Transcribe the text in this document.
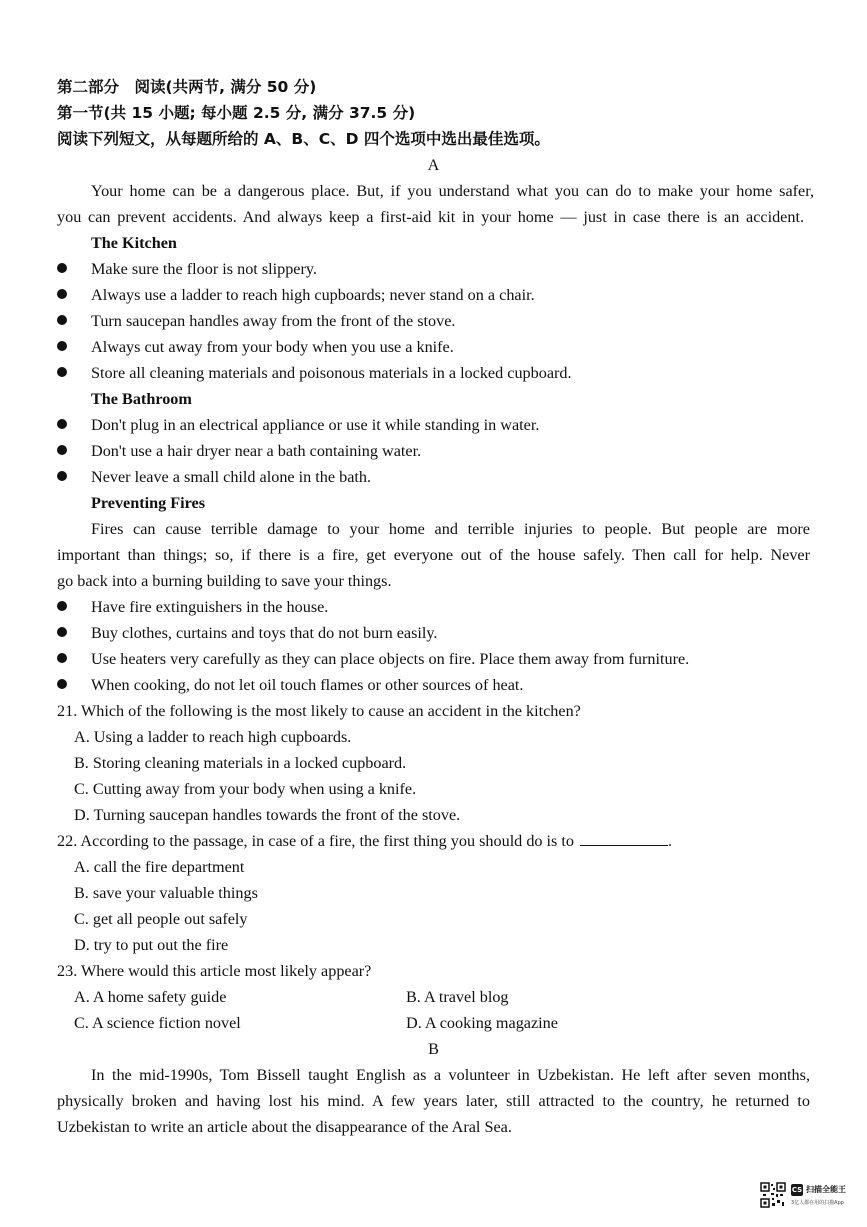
第二部分　阅读(共两节, 满分 50 分)
第一节(共 15 小题; 每小题 2.5 分, 满分 37.5 分)
阅读下列短文，从每题所给的 A、B、C、D 四个选项中选出最佳选项。
A
Your home can be a dangerous place. But, if you understand what you can do to make your home safer,
you can prevent accidents. And always keep a first-aid kit in your home — just in case there is an accident.
The Kitchen
Make sure the floor is not slippery.
Always use a ladder to reach high cupboards; never stand on a chair.
Turn saucepan handles away from the front of the stove.
Always cut away from your body when you use a knife.
Store all cleaning materials and poisonous materials in a locked cupboard.
The Bathroom
Don't plug in an electrical appliance or use it while standing in water.
Don't use a hair dryer near a bath containing water.
Never leave a small child alone in the bath.
Preventing Fires
Fires can cause terrible damage to your home and terrible injuries to people. But people are more
important than things; so, if there is a fire, get everyone out of the house safely. Then call for help. Never
go back into a burning building to save your things.
Have fire extinguishers in the house.
Buy clothes, curtains and toys that do not burn easily.
Use heaters very carefully as they can place objects on fire. Place them away from furniture.
When cooking, do not let oil touch flames or other sources of heat.
21. Which of the following is the most likely to cause an accident in the kitchen?
A. Using a ladder to reach high cupboards.
B. Storing cleaning materials in a locked cupboard.
C. Cutting away from your body when using a knife.
D. Turning saucepan handles towards the front of the stove.
22. According to the passage, in case of a fire, the first thing you should do is to	.
A. call the fire department
B. save your valuable things
C. get all people out safely
D. try to put out the fire
23. Where would this article most likely appear?
A. A home safety guide	B. A travel blog
C. A science fiction novel	D. A cooking magazine
B
In the mid-1990s, Tom Bissell taught English as a volunteer in Uzbekistan. He left after seven months,
physically broken and having lost his mind. A few years later, still attracted to the country, he returned to
Uzbekistan to write an article about the disappearance of the Aral Sea.
CS 扫描全能王
3亿人都在用的扫描App
